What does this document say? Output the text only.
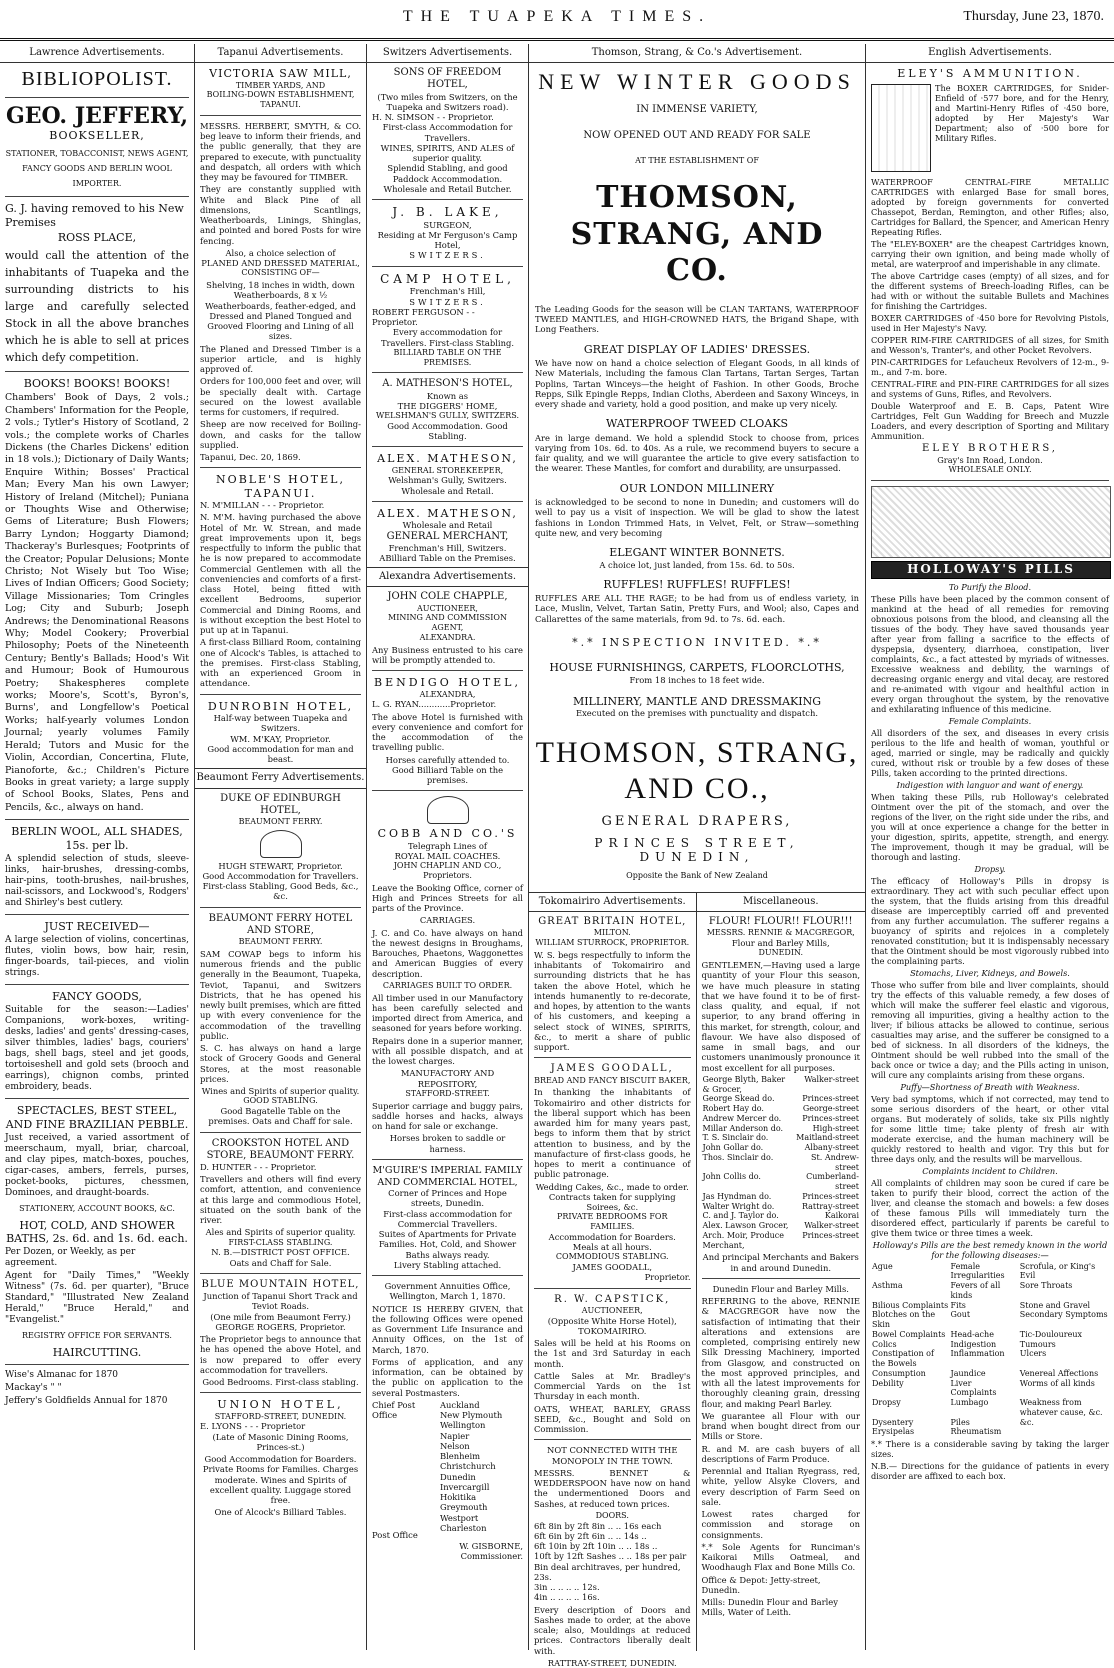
THE TUAPEKA TIMES.	Thursday, June 23, 1870.
Lawrence Advertisements.
BIBLIOPOLIST.
GEO. JEFFERY,
BOOKSELLER,
STATIONER, TOBACCONIST, NEWS AGENT, FANCY GOODS AND BERLIN WOOL IMPORTER.

G. J. having removed to his New Premises

ROSS PLACE,

would call the attention of the inhabitants of Tuapeka and the surrounding districts to his large and carefully selected Stock in all the above branches which he is able to sell at prices which defy competition.

BOOKS! BOOKS! BOOKS!

Chambers' Book of Days, 2 vols.; Chambers' Information for the People, 2 vols.; Tytler's History of Scotland, 2 vols.; the complete works of Charles Dickens (the Charles Dickens' edition in 18 vols.); Dictionary of Daily Wants; Enquire Within; Bosses' Practical Man; Every Man his own Lawyer; History of Ireland (Mitchel); Puniana or Thoughts Wise and Otherwise; Gems of Literature; Bush Flowers; Barry Lyndon; Hoggarty Diamond; Thackeray's Burlesques; Footprints of the Creator; Popular Delusions; Monte Christo; Not Wisely but Too Wise; Lives of Indian Officers; Good Society; Village Missionaries; Tom Cringles Log; City and Suburb; Joseph Andrews; the Denominational Reasons Why; Model Cookery; Proverbial Philosophy; Poets of the Nineteenth Century; Bently's Ballads; Hood's Wit and Humour; Book of Humourous Poetry; Shakespheres complete works; Moore's, Scott's, Byron's, Burns', and Longfellow's Poetical Works; half-yearly volumes London Journal; yearly volumes Family Herald; Tutors and Music for the Violin, Accordian, Concertina, Flute, Pianoforte, &c.; Children's Picture Books in great variety; a large supply of School Books, Slates, Pens and Pencils, &c., always on hand.

BERLIN WOOL, ALL SHADES, 15s. per lb.

A splendid selection of studs, sleeve-links, hair-brushes, dressing-combs, hair-pins, tooth-brushes, nail-brushes, nail-scissors, and Lockwood's, Rodgers' and Shirley's best cutlery.

JUST RECEIVED—

A large selection of violins, concertinas, flutes, violin bows, bow hair, resin, finger-boards, tail-pieces, and violin strings.

FANCY GOODS,

Suitable for the season:—Ladies' Companions, work-boxes, writing-desks, ladies' and gents' dressing-cases, silver thimbles, ladies' bags, couriers' bags, shell bags, steel and jet goods, tortoiseshell and gold sets (brooch and earrings), chignon combs, printed embroidery, beads.

SPECTACLES, BEST STEEL, AND FINE BRAZILIAN PEBBLE.

Just received, a varied assortment of meerschaum, myall, briar, charcoal, and clay pipes, match-boxes, pouches, cigar-cases, ambers, ferrels, purses, pocket-books, pictures, chessmen, Dominoes, and draught-boards.

STATIONERY, ACCOUNT BOOKS, &C.
HOT, COLD, AND SHOWER BATHS, 2s. 6d. and 1s. 6d. each.

Per Dozen, or Weekly, as per agreement.

Agent for "Daily Times," "Weekly Witness" (7s. 6d. per quarter), "Bruce Standard," "Illustrated New Zealand Herald," "Bruce Herald," and "Evangelist."

REGISTRY OFFICE FOR SERVANTS.
HAIRCUTTING.

Wise's Almanac for 1870

Mackay's " "

Jeffery's Goldfields Annual for 1870

Tapanui Advertisements.
VICTORIA SAW MILL,
TIMBER YARDS, AND
BOILING-DOWN ESTABLISHMENT, TAPANUI.

MESSRS. HERBERT, SMYTH, & CO. beg leave to inform their friends, and the public generally, that they are prepared to execute, with punctuality and despatch, all orders with which they may be favoured for TIMBER.

They are constantly supplied with White and Black Pine of all dimensions, Scantlings, Weatherboards, Linings, Shinglas, and pointed and bored Posts for wire fencing.

Also, a choice selection of
PLANED AND DRESSED MATERIAL,
CONSISTING OF—

Shelving, 18 inches in width, down Weatherboards, 8 x ½ Weatherboards, feather-edged, and Dressed and Planed Tongued and Grooved Flooring and Lining of all sizes.

The Planed and Dressed Timber is a superior article, and is highly approved of.

Orders for 100,000 feet and over, will be specially dealt with. Cartage secured on the lowest available terms for customers, if required.

Sheep are now received for Boiling-down, and casks for the tallow supplied.

Tapanui, Dec. 20, 1869.

NOBLE'S HOTEL, TAPANUI.
N. M'MILLAN - - - Proprietor.

N. M'M. having purchased the above Hotel of Mr. W. Strean, and made great improvements upon it, begs respectfully to inform the public that he is now prepared to accommodate Commercial Gentlemen with all the conveniencies and comforts of a first-class Hotel, being fitted with excellent Bedrooms, superior Commercial and Dining Rooms, and is without exception the best Hotel to put up at in Tapanui.

A first-class Billiard Room, containing one of Alcock's Tables, is attached to the premises. First-class Stabling, with an experienced Groom in attendance.

DUNROBIN HOTEL,
Half-way between Tuapeka and Switzers.
WM. M'KAY, Proprietor.
Good accommodation for man and beast.
Beaumont Ferry Advertisements.
DUKE OF EDINBURGH HOTEL,
BEAUMONT FERRY.
HUGH STEWART, Proprietor.
Good Accommodation for Travellers.
First-class Stabling, Good Beds, &c., &c.
BEAUMONT FERRY HOTEL AND STORE,
BEAUMONT FERRY.

SAM COWAP begs to inform his numerous friends and the public generally in the Beaumont, Tuapeka, Teviot, Tapanui, and Switzers Districts, that he has opened his newly built premises, which are fitted up with every convenience for the accommodation of the travelling public.

S. C. has always on hand a large stock of Grocery Goods and General Stores, at the most reasonable prices.

Wines and Spirits of superior quality.
GOOD STABLING.
Good Bagatelle Table on the premises. Oats and Chaff for sale.
CROOKSTON HOTEL AND STORE, BEAUMONT FERRY.
D. HUNTER - - - Proprietor.

Travellers and others will find every comfort, attention, and convenience at this large and commodious Hotel, situated on the south bank of the river.

Ales and Spirits of superior quality.
FIRST-CLASS STABLING.
N. B.—DISTRICT POST OFFICE.
Oats and Chaff for Sale.
BLUE MOUNTAIN HOTEL,
Junction of Tapanui Short Track and Teviot Roads.
(One mile from Beaumont Ferry.)
GEORGE ROGERS, Proprietor.

The Proprietor begs to announce that he has opened the above Hotel, and is now prepared to offer every accommodation for travellers.

Good Bedrooms. First-class stabling.
UNION HOTEL,
STAFFORD-STREET, DUNEDIN.
E. LYONS - - - Proprietor
(Late of Masonic Dining Rooms, Princes-st.)

Good Accommodation for Boarders. Private Rooms for Families. Charges moderate. Wines and Spirits of excellent quality. Luggage stored free.

One of Alcock's Billiard Tables.
Switzers Advertisements.
SONS OF FREEDOM HOTEL,
(Two miles from Switzers, on the Tuapeka and Switzers road).
H. N. SIMSON - - Proprietor.
First-class Accommodation for Travellers.
WINES, SPIRITS, AND ALES of superior quality.
Splendid Stabling, and good Paddock Accommodation.
Wholesale and Retail Butcher.
J. B. LAKE,
SURGEON,
Residing at Mr Ferguson's Camp Hotel,
SWITZERS.
CAMP HOTEL,
Frenchman's Hill,
SWITZERS.
ROBERT FERGUSON - - Proprietor.
Every accommodation for Travellers. First-class Stabling.
BILLIARD TABLE ON THE PREMISES.
A. MATHESON'S HOTEL,
Known as
THE DIGGERS' HOME,
WELSHMAN'S GULLY, SWITZERS.
Good Accommodation. Good Stabling.
ALEX. MATHESON,
GENERAL STOREKEEPER,
Welshman's Gully, Switzers.
Wholesale and Retail.
ALEX. MATHESON,
Wholesale and Retail
GENERAL MERCHANT,
Frenchman's Hill, Switzers.
ABilliard Table on the Premises.
Alexandra Advertisements.
JOHN COLE CHAPPLE,
AUCTIONEER,
MINING AND COMMISSION AGENT,
ALEXANDRA.

Any Business entrusted to his care will be promptly attended to.

BENDIGO HOTEL,
ALEXANDRA,
L. G. RYAN............Proprietor.

The above Hotel is furnished with every convenience and comfort for the accommodation of the travelling public.

Horses carefully attended to.
Good Billiard Table on the premises.
COBB AND CO.'S
Telegraph Lines of
ROYAL MAIL COACHES.
JOHN CHAPLIN AND CO., Proprietors.

Leave the Booking Office, corner of High and Princes Streets for all parts of the Province.

CARRIAGES.

J. C. and Co. have always on hand the newest designs in Broughams, Barouches, Phaetons, Waggonettes and American Buggies of every description.

CARRIAGES BUILT TO ORDER.

All timber used in our Manufactory has been carefully selected and imported direct from America, and seasoned for years before working.

Repairs done in a superior manner, with all possible dispatch, and at the lowest charges.

MANUFACTORY AND REPOSITORY,
STAFFORD-STREET.

Superior carriage and buggy pairs, saddle horses and hacks, always on hand for sale or exchange.

Horses broken to saddle or harness.
M'GUIRE'S IMPERIAL FAMILY AND COMMERCIAL HOTEL,
Corner of Princes and Hope streets, Dunedin.
First-class accommodation for Commercial Travellers.
Suites of Apartments for Private Families. Hot, Cold, and Shower Baths always ready.
Livery Stabling attached.
Government Annuities Office, Wellington, March 1, 1870.

NOTICE IS HEREBY GIVEN, that the following Offices were opened as Government Life Insurance and Annuity Offices, on the 1st of March, 1870.

Forms of application, and any information, can be obtained by the public on application to the several Postmasters.

Chief Post Office
Post Office
Auckland
New Plymouth
Wellington
Napier
Nelson
Blenheim
Christchurch
Dunedin
Invercargill
Hokitika
Greymouth
Westport
Charleston
W. GISBORNE,
Commissioner.
Thomson, Strang, & Co.'s Advertisement.
NEW WINTER GOODS
IN IMMENSE VARIETY,
NOW OPENED OUT AND READY FOR SALE
AT THE ESTABLISHMENT OF
THOMSON, STRANG, AND CO.

The Leading Goods for the season will be CLAN TARTANS, WATERPROOF TWEED MANTLES, and HIGH-CROWNED HATS, the Brigand Shape, with Long Feathers.

GREAT DISPLAY OF LADIES' DRESSES.

We have now on hand a choice selection of Elegant Goods, in all kinds of New Materials, including the famous Clan Tartans, Tartan Serges, Tartan Poplins, Tartan Winceys—the height of Fashion. In other Goods, Broche Repps, Silk Epingle Repps, Indian Cloths, Aberdeen and Saxony Winceys, in every shade and variety, hold a good position, and make up very nicely.

WATERPROOF TWEED CLOAKS

Are in large demand. We hold a splendid Stock to choose from, prices varying from 10s. 6d. to 40s. As a rule, we recommend buyers to secure a fair quality, and we will guarantee the article to give every satisfaction to the wearer. These Mantles, for comfort and durability, are unsurpassed.

OUR LONDON MILLINERY

is acknowledged to be second to none in Dunedin; and customers will do well to pay us a visit of inspection. We will be glad to show the latest fashions in London Trimmed Hats, in Velvet, Felt, or Straw—something quite new, and very becoming

ELEGANT WINTER BONNETS.
A choice lot, just landed, from 15s. 6d. to 50s.
RUFFLES! RUFFLES! RUFFLES!

RUFFLES ARE ALL THE RAGE; to be had from us of endless variety, in Lace, Muslin, Velvet, Tartan Satin, Pretty Furs, and Wool; also, Capes and Callarettes of the same materials, from 9d. to 7s. 6d. each.

*.* INSPECTION INVITED. *.*
HOUSE FURNISHINGS, CARPETS, FLOORCLOTHS,
From 18 inches to 18 feet wide.
MILLINERY, MANTLE AND DRESSMAKING
Executed on the premises with punctuality and dispatch.
THOMSON, STRANG, AND CO.,
GENERAL DRAPERS,
PRINCES STREET, DUNEDIN,
Opposite the Bank of New Zealand
Tokomairiro Advertisements.
GREAT BRITAIN HOTEL,
MILTON.
WILLIAM STURROCK, PROPRIETOR.

W. S. begs respectfully to inform the inhabitants of Tokomairiro and surrounding districts that he has taken the above Hotel, which he intends humanently to re-decorate, and hopes, by attention to the wants of his customers, and keeping a select stock of WINES, SPIRITS, &c., to merit a share of public support.

JAMES GOODALL,
BREAD AND FANCY BISCUIT BAKER,

In thanking the inhabitants of Tokomairiro and other districts for the liberal support which has been awarded him for many years past, begs to inform them that by strict attention to business, and by the manufacture of first-class goods, he hopes to merit a continuance of public patronage.

Wedding Cakes, &c., made to order.
Contracts taken for supplying Soirees, &c.
PRIVATE BEDROOMS FOR FAMILIES.
Accommodation for Boarders.
Meals at all hours.
COMMODIOUS STABLING.
JAMES GOODALL,
Proprietor.
R. W. CAPSTICK,
AUCTIONEER,
(Opposite White Horse Hotel),
TOKOMAIRIRO.

Sales will be held at his Rooms on the 1st and 3rd Saturday in each month.

Cattle Sales at Mr. Bradley's Commercial Yards on the 1st Thursday in each month.

OATS, WHEAT, BARLEY, GRASS SEED, &c., Bought and Sold on Commission.

NOT CONNECTED WITH THE MONOPOLY IN THE TOWN.

MESSRS. BENNET & WEDDERSPOON have now on hand the undermentioned Doors and Sashes, at reduced town prices.

DOORS.
6ft 8in by 2ft 8in .. .. 16s each
6ft 6in by 2ft 6in .. .. 14s ..
6ft 10in by 2ft 10in .. .. 18s ..
10ft by 12ft Sashes .. .. 18s per pair
Bin deal architraves, per hundred, 23s.
3in .. .. .. .. 12s.
4in .. .. .. .. 16s.

Every description of Doors and Sashes made to order, at the above scale; also, Mouldings at reduced prices. Contractors liberally dealt with.

RATTRAY-STREET, DUNEDIN.
Miscellaneous.
FLOUR! FLOUR!! FLOUR!!!
MESSRS. RENNIE & MACGREGOR,
Flour and Barley Mills,
DUNEDIN.

GENTLEMEN,—Having used a large quantity of your Flour this season, we have much pleasure in stating that we have found it to be of first-class quality, and equal, if not superior, to any brand offering in this market, for strength, colour, and flavour. We have also disposed of same in small bags, and our customers unanimously pronounce it most excellent for all purposes.

George Blyth, Baker & Grocer,	Walker-street
George Skead do.	Princes-street
Robert Hay do.	George-street
Andrew Mercer do.	Princes-street
Millar Anderson do.	High-street
T. S. Sinclair do.	Maitland-street
John Gollar do.	Albany-street
Thos. Sinclair do.	St. Andrew-street
John Collis do.	Cumberland-street
Jas Hyndman do.	Princes-street
Walter Wright do.	Rattray-street
C. and J. Taylor do.	Kaikorai
Alex. Lawson Grocer,	Walker-street
Arch. Moir, Produce Merchant,	Princes-street

And principal Merchants and Bakers in and around Dunedin.

Dunedin Flour and Barley Mills.

REFERRING to the above, RENNIE & MACGREGOR have now the satisfaction of intimating that their alterations and extensions are completed, comprising entirely new Silk Dressing Machinery, imported from Glasgow, and constructed on the most approved principles, and with all the latest improvements for thoroughly cleaning grain, dressing flour, and making Pearl Barley.

We guarantee all Flour with our brand when bought direct from our Mills or Store.

R. and M. are cash buyers of all descriptions of Farm Produce.

Perennial and Italian Ryegrass, red, white, yellow Alsyke Clovers, and every description of Farm Seed on sale.

Lowest rates charged for commission and storage on consignments.

*.* Sole Agents for Runciman's Kaikorai Mills Oatmeal, and Woodhaugh Flax and Bone Mills Co.

Office & Depot: Jetty-street, Dunedin.

Mills: Dunedin Flour and Barley Mills, Water of Leith.

English Advertisements.
ELEY'S AMMUNITION.

The BOXER CARTRIDGES, for Snider-Enfield of ·577 bore, and for the Henry, and Martini-Henry Rifles of ·450 bore, adopted by Her Majesty's War Department; also of ·500 bore for Military Rifles.

WATERPROOF CENTRAL-FIRE METALLIC CARTRIDGES with enlarged Base for small bores, adopted by foreign governments for converted Chassepot, Berdan, Remington, and other Rifles; also, Cartridges for Ballard, the Spencer, and American Henry Repeating Rifles.

The "ELEY-BOXER" are the cheapest Cartridges known, carrying their own ignition, and being made wholly of metal, are waterproof and imperishable in any climate.

The above Cartridge cases (empty) of all sizes, and for the different systems of Breech-loading Rifles, can be had with or without the suitable Bullets and Machines for finishing the Cartridges.

BOXER CARTRIDGES of ·450 bore for Revolving Pistols, used in Her Majesty's Navy.

COPPER RIM-FIRE CARTRIDGES of all sizes, for Smith and Wesson's, Tranter's, and other Pocket Revolvers.

PIN-CARTRIDGES for Lefaucheux Revolvers of 12-m., 9-m., and 7-m. bore.

CENTRAL-FIRE and PIN-FIRE CARTRIDGES for all sizes and systems of Guns, Rifles, and Revolvers.

Double Waterproof and E. B. Caps, Patent Wire Cartridges, Felt Gun Wadding for Breech and Muzzle Loaders, and every description of Sporting and Military Ammunition.

ELEY BROTHERS,
Gray's Inn Road, London.
WHOLESALE ONLY.
HOLLOWAY'S PILLS
To Purify the Blood.

These Pills have been placed by the common consent of mankind at the head of all remedies for removing obnoxious poisons from the blood, and cleansing all the tissues of the body. They have saved thousands year after year from falling a sacrifice to the effects of dyspepsia, dysentery, diarrhoea, constipation, liver complaints, &c., a fact attested by myriads of witnesses. Excessive weakness and debility, the warnings of decreasing organic energy and vital decay, are restored and re-animated with vigour and healthful action in every organ throughout the system, by the renovative and exhilarating influence of this medicine.

Female Complaints.

All disorders of the sex, and diseases in every crisis perilous to the life and health of woman, youthful or aged, married or single, may be radically and quickly cured, without risk or trouble by a few doses of these Pills, taken according to the printed directions.

Indigestion with languor and want of energy.

When taking these Pills, rub Holloway's celebrated Ointment over the pit of the stomach, and over the regions of the liver, on the right side under the ribs, and you will at once experience a change for the better in your digestion, spirits, appetite, strength, and energy. The improvement, though it may be gradual, will be thorough and lasting.

Dropsy.

The efficacy of Holloway's Pills in dropsy is extraordinary. They act with such peculiar effect upon the system, that the fluids arising from this dreadful disease are imperceptibly carried off and prevented from any further accumulation. The sufferer regains a buoyancy of spirits and rejoices in a completely renovated constitution; but it is indispensably necessary that the Ointment should be most vigorously rubbed into the complaining parts.

Stomachs, Liver, Kidneys, and Bowels.

Those who suffer from bile and liver complaints, should try the effects of this valuable remedy, a few doses of which will make the sufferer feel elastic and vigorous, removing all impurities, giving a healthy action to the liver; if bilious attacks be allowed to continue, serious casualties may arise, and the sufferer be consigned to a bed of sickness. In all disorders of the kidneys, the Ointment should be well rubbed into the small of the back once or twice a day; and the Pills acting in unison, will cure any complaints arising from these organs.

Puffy—Shortness of Breath with Weakness.

Very bad symptoms, which if not corrected, may tend to some serious disorders of the heart, or other vital organs. But moderately of solids, take six Pills nightly for some little time; take plenty of fresh air with moderate exercise, and the human machinery will be quickly restored to health and vigor. Try this but for three days only, and the results will be marvellous.

Complaints incident to Children.

All complaints of children may soon be cured if care be taken to purify their blood, correct the action of the liver, and cleanse the stomach and bowels: a few doses of these famous Pills will immediately turn the disordered effect, particularly if parents be careful to give them twice or three times a week.

Holloway's Pills are the best remedy known in the world for the following diseases:—

Ague	Female Irregularities	Scrofula, or King's Evil
Asthma	Fevers of all kinds	Sore Throats
Bilious Complaints	Fits	Stone and Gravel
Blotches on the Skin	Gout	Secondary Symptoms
Bowel Complaints	Head-ache	Tic-Douloureux
Colics	Indigestion	Tumours
Constipation of the Bowels	Inflammation	Ulcers
Consumption	Jaundice	Venereal Affections
Debility	Liver Complaints	Worms of all kinds
Dropsy	Lumbago	Weakness from whatever cause, &c.
Dysentery	Piles	&c.
Erysipelas	Rheumatism	

*.* There is a considerable saving by taking the larger sizes.

N.B.— Directions for the guidance of patients in every disorder are affixed to each box.
